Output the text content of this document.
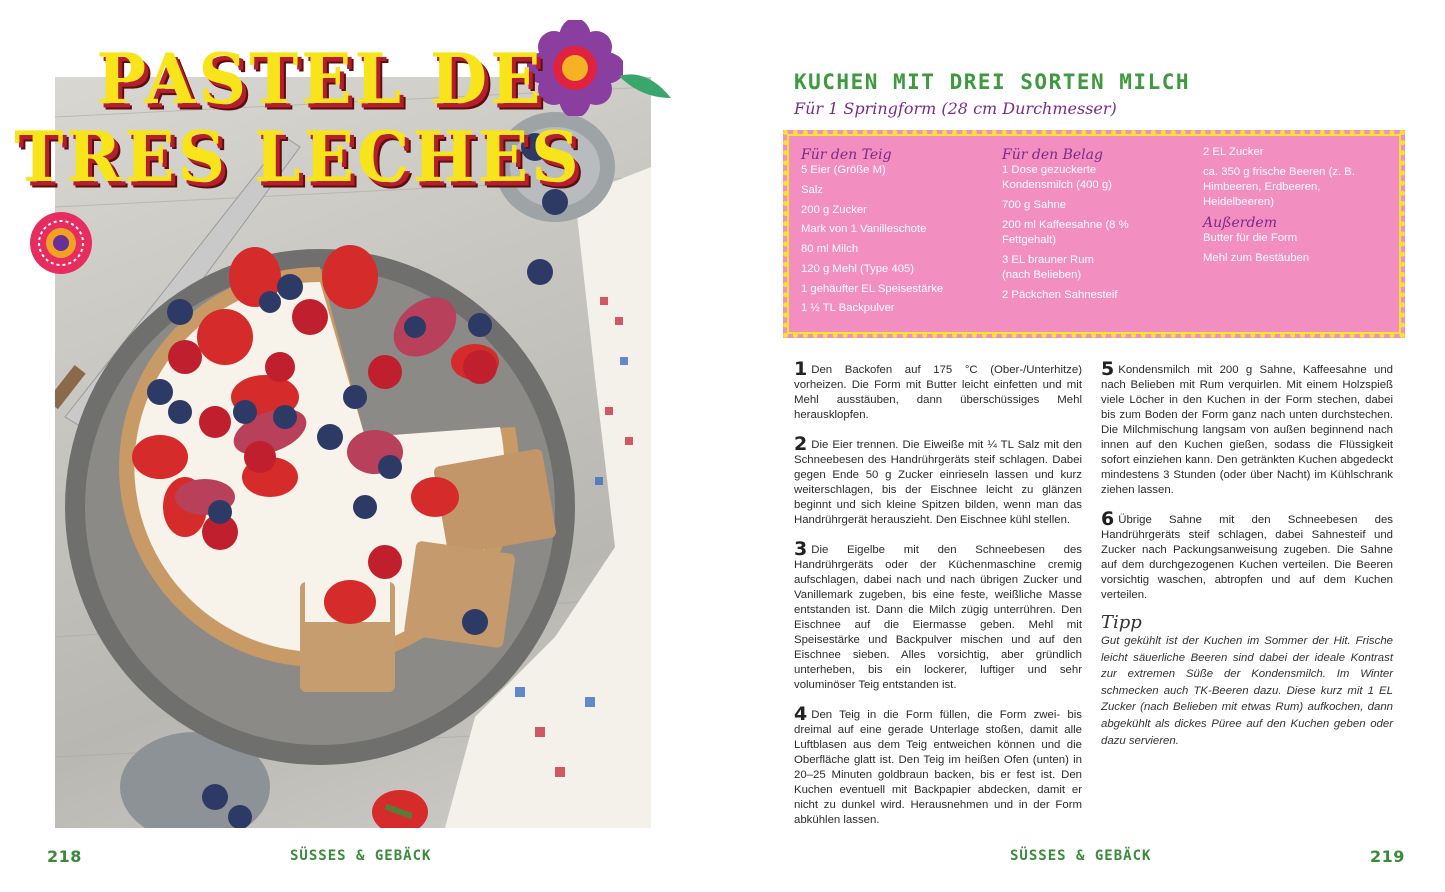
PASTEL DE
TRES LECHES
218	SÜSSES & GEBÄCK
KUCHEN MIT DREI SORTEN MILCH
Für 1 Springform (28 cm Durchmesser)
Für den Teig
5 Eier (Größe M)
Salz
200 g Zucker
Mark von 1 Vanilleschote
80 ml Milch
120 g Mehl (Type 405)
1 gehäufter EL Speisestärke
1 ½ TL Backpulver
Für den Belag
1 Dose gezuckerte Kondensmilch (400 g)
700 g Sahne
200 ml Kaffeesahne (8 % Fettgehalt)
3 EL brauner Rum (nach Belieben)
2 Päckchen Sahnesteif
2 EL Zucker
ca. 350 g frische Beeren (z. B. Himbeeren, Erdbeeren, Heidelbeeren)
Außerdem
Butter für die Form
Mehl zum Bestäuben

1 Den Backofen auf 175 °C (Ober-/Unterhitze) vorheizen. Die Form mit Butter leicht einfetten und mit Mehl ausstäuben, dann überschüssiges Mehl herausklopfen.

2 Die Eier trennen. Die Eiweiße mit ¼ TL Salz mit den Schneebesen des Handrührgeräts steif schlagen. Dabei gegen Ende 50 g Zucker einrieseln lassen und kurz weiterschlagen, bis der Eischnee leicht zu glänzen beginnt und sich kleine Spitzen bilden, wenn man das Handrührgerät herauszieht. Den Eischnee kühl stellen.

3 Die Eigelbe mit den Schneebesen des Handrührgeräts oder der Küchenmaschine cremig aufschlagen, dabei nach und nach übrigen Zucker und Vanillemark zugeben, bis eine feste, weißliche Masse entstanden ist. Dann die Milch zügig unterrühren. Den Eischnee auf die Eiermasse geben. Mehl mit Speisestärke und Backpulver mischen und auf den Eischnee sieben. Alles vorsichtig, aber gründlich unterheben, bis ein lockerer, luftiger und sehr voluminöser Teig entstanden ist.

4 Den Teig in die Form füllen, die Form zwei- bis dreimal auf eine gerade Unterlage stoßen, damit alle Luftblasen aus dem Teig entweichen können und die Oberfläche glatt ist. Den Teig im heißen Ofen (unten) in 20–25 Minuten goldbraun backen, bis er fest ist. Den Kuchen eventuell mit Backpapier abdecken, damit er nicht zu dunkel wird. Herausnehmen und in der Form abkühlen lassen.

5 Kondensmilch mit 200 g Sahne, Kaffeesahne und nach Belieben mit Rum verquirlen. Mit einem Holzspieß viele Löcher in den Kuchen in der Form stechen, dabei bis zum Boden der Form ganz nach unten durchstechen. Die Milchmischung langsam von außen beginnend nach innen auf den Kuchen gießen, sodass die Flüssigkeit sofort einziehen kann. Den getränkten Kuchen abgedeckt mindestens 3 Stunden (oder über Nacht) im Kühlschrank ziehen lassen.

6 Übrige Sahne mit den Schneebesen des Handrührgeräts steif schlagen, dabei Sahnesteif und Zucker nach Packungsanweisung zugeben. Die Sahne auf dem durchgezogenen Kuchen verteilen. Die Beeren vorsichtig waschen, abtropfen und auf dem Kuchen verteilen.

Tipp
Gut gekühlt ist der Kuchen im Sommer der Hit. Frische leicht säuerliche Beeren sind dabei der ideale Kontrast zur extremen Süße der Kondensmilch. Im Winter schmecken auch TK-Beeren dazu. Diese kurz mit 1 EL Zucker (nach Belieben mit etwas Rum) aufkochen, dann abgekühlt als dickes Püree auf den Kuchen geben oder dazu servieren.
SÜSSES & GEBÄCK	219
